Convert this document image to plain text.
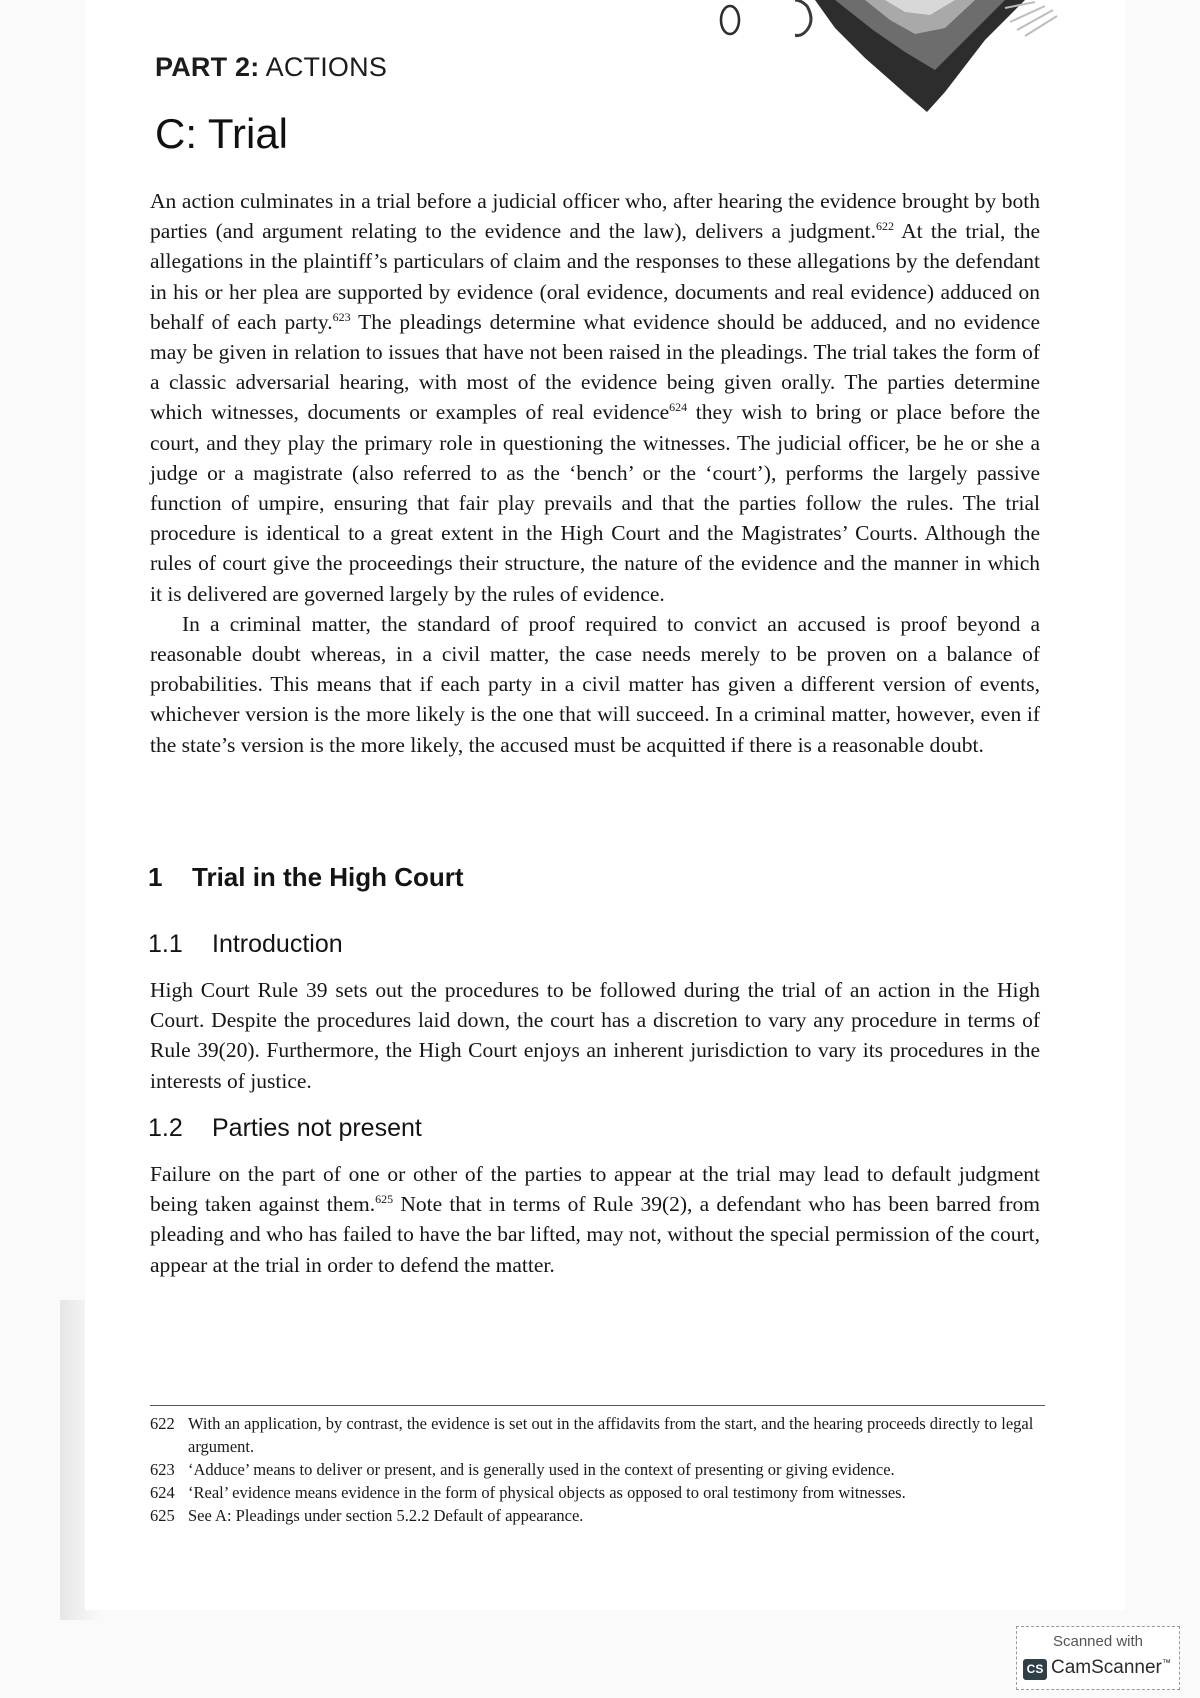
PART 2: ACTIONS
C: Trial

An action culminates in a trial before a judicial officer who, after hearing the evidence brought by both parties (and argument relating to the evidence and the law), delivers a judgment.$^{622}$ At the trial, the allegations in the plaintiff’s particulars of claim and the responses to these allegations by the defendant in his or her plea are supported by evidence (oral evidence, documents and real evidence) adduced on behalf of each party.$^{623}$ The pleadings determine what evidence should be adduced, and no evidence may be given in relation to issues that have not been raised in the pleadings. The trial takes the form of a classic adversarial hearing, with most of the evidence being given orally. The parties determine which witnesses, documents or examples of real evidence$^{624}$ they wish to bring or place before the court, and they play the primary role in questioning the witnesses. The judicial officer, be he or she a judge or a magistrate (also referred to as the ‘bench’ or the ‘court’), performs the largely passive function of umpire, ensuring that fair play prevails and that the parties follow the rules. The trial procedure is identical to a great extent in the High Court and the Magistrates’ Courts. Although the rules of court give the proceedings their structure, the nature of the evidence and the manner in which it is delivered are governed largely by the rules of evidence.

In a criminal matter, the standard of proof required to convict an accused is proof beyond a reasonable doubt whereas, in a civil matter, the case needs merely to be proven on a balance of probabilities. This means that if each party in a civil matter has given a different version of events, whichever version is the more likely is the one that will succeed. In a criminal matter, however, even if the state’s version is the more likely, the accused must be acquitted if there is a reasonable doubt.

1 Trial in the High Court
1.1 Introduction

High Court Rule 39 sets out the procedures to be followed during the trial of an action in the High Court. Despite the procedures laid down, the court has a discretion to vary any procedure in terms of Rule 39(20). Furthermore, the High Court enjoys an inherent jurisdiction to vary its procedures in the interests of justice.

1.2 Parties not present

Failure on the part of one or other of the parties to appear at the trial may lead to default judgment being taken against them.$^{625}$ Note that in terms of Rule 39(2), a defendant who has been barred from pleading and who has failed to have the bar lifted, may not, without the special permission of the court, appear at the trial in order to defend the matter.

622 With an application, by contrast, the evidence is set out in the affidavits from the start, and the hearing proceeds directly to legal argument.
623 ‘Adduce’ means to deliver or present, and is generally used in the context of presenting or giving evidence.
624 ‘Real’ evidence means evidence in the form of physical objects as opposed to oral testimony from witnesses.
625 See A: Pleadings under section 5.2.2 Default of appearance.
Scanned with
CS CamScanner™
